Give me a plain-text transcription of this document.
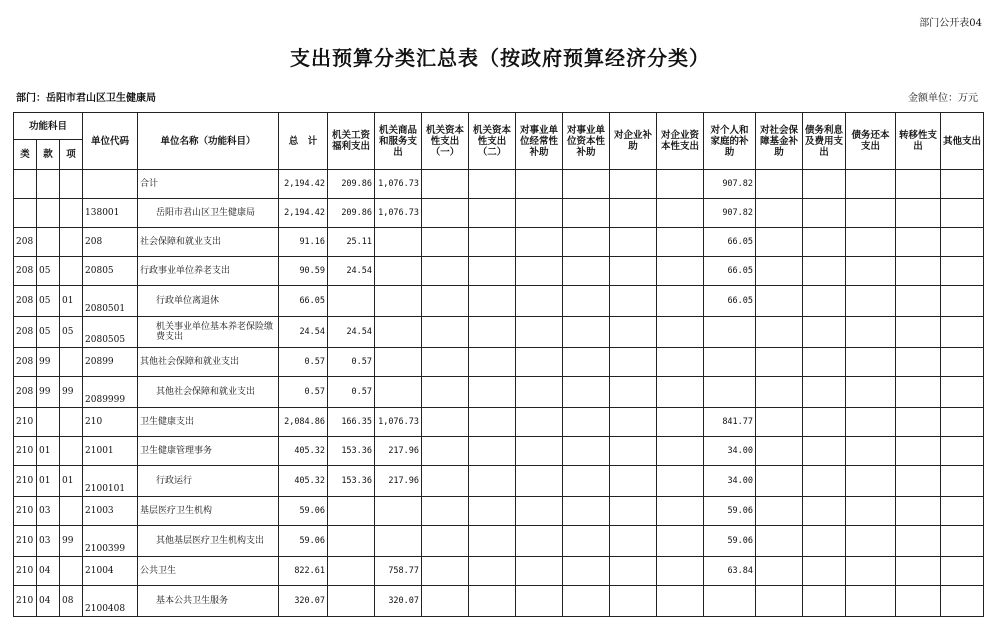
部门公开表04
支出预算分类汇总表（按政府预算经济分类）
部门：岳阳市君山区卫生健康局	金额单位：万元
功能科目			单位代码	单位名称（功能科目）	总　计	机关工资福利支出	机关商品和服务支出	机关资本性支出（一）	机关资本性支出（二）	对事业单位经常性补助	对事业单位资本性补助	对企业补助	对企业资本性支出	对个人和家庭的补助	对社会保障基金补助	债务利息及费用支出	债务还本支出	转移性支出	其他支出
类	款	项																	
				合计	2,194.42	209.86	1,076.73							907.82					
			138001	岳阳市君山区卫生健康局	2,194.42	209.86	1,076.73							907.82					
208			208	社会保障和就业支出	91.16	25.11								66.05					
208	05		20805	行政事业单位养老支出	90.59	24.54								66.05					
208	05	01	2080501	行政单位离退休	66.05									66.05					
208	05	05	2080505	机关事业单位基本养老保险缴费支出	24.54	24.54													
208	99		20899	其他社会保障和就业支出	0.57	0.57													
208	99	99	2089999	其他社会保障和就业支出	0.57	0.57													
210			210	卫生健康支出	2,084.86	166.35	1,076.73							841.77					
210	01		21001	卫生健康管理事务	405.32	153.36	217.96							34.00					
210	01	01	2100101	行政运行	405.32	153.36	217.96							34.00					
210	03		21003	基层医疗卫生机构	59.06									59.06					
210	03	99	2100399	其他基层医疗卫生机构支出	59.06									59.06					
210	04		21004	公共卫生	822.61		758.77							63.84					
210	04	08	2100408	基本公共卫生服务	320.07		320.07												
